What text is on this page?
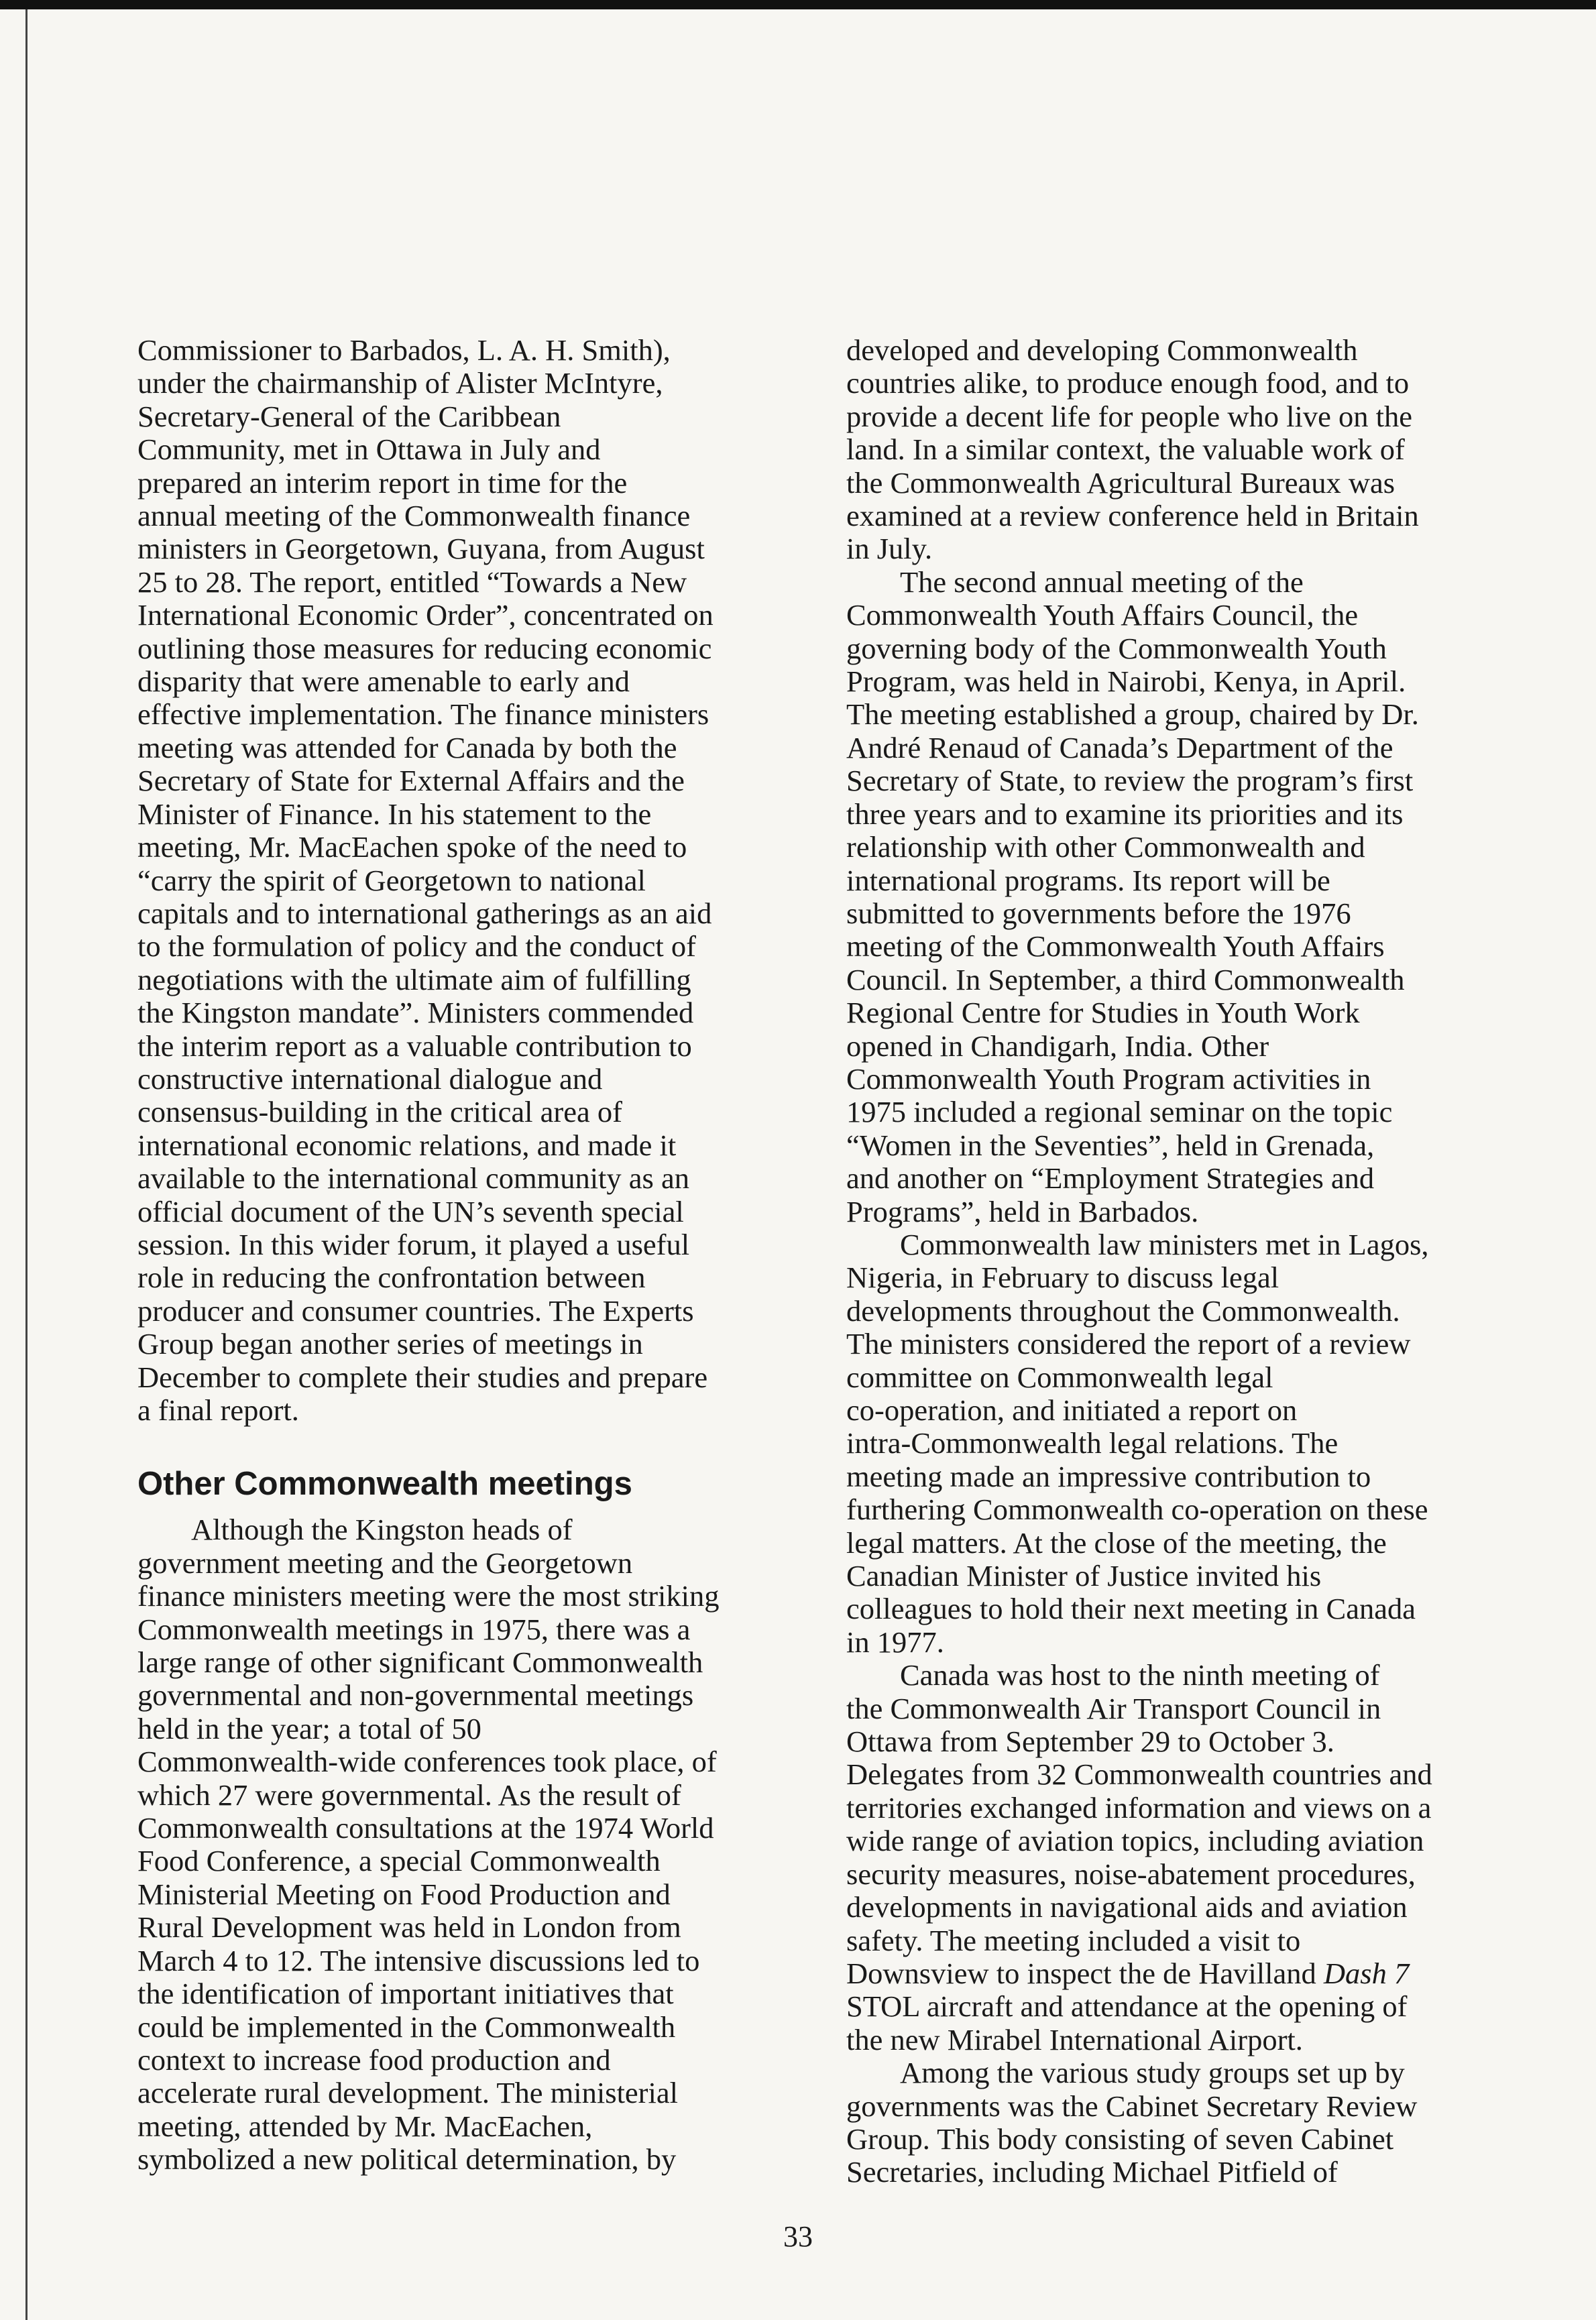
Commissioner to Barbados, L. A. H. Smith),

under the chairmanship of Alister McIntyre,

Secretary-General of the Caribbean

Community, met in Ottawa in July and

prepared an interim report in time for the

annual meeting of the Commonwealth finance

ministers in Georgetown, Guyana, from August

25 to 28. The report, entitled “Towards a New

International Economic Order”, concentrated on

outlining those measures for reducing economic

disparity that were amenable to early and

effective implementation. The finance ministers

meeting was attended for Canada by both the

Secretary of State for External Affairs and the

Minister of Finance. In his statement to the

meeting, Mr. MacEachen spoke of the need to

“carry the spirit of Georgetown to national

capitals and to international gatherings as an aid

to the formulation of policy and the conduct of

negotiations with the ultimate aim of fulfilling

the Kingston mandate”. Ministers commended

the interim report as a valuable contribution to

constructive international dialogue and

consensus-building in the critical area of

international economic relations, and made it

available to the international community as an

official document of the UN’s seventh special

session. In this wider forum, it played a useful

role in reducing the confrontation between

producer and consumer countries. The Experts

Group began another series of meetings in

December to complete their studies and prepare

a final report.

Other Commonwealth meetings

Although the Kingston heads of

government meeting and the Georgetown

finance ministers meeting were the most striking

Commonwealth meetings in 1975, there was a

large range of other significant Commonwealth

governmental and non-governmental meetings

held in the year; a total of 50

Commonwealth-wide conferences took place, of

which 27 were governmental. As the result of

Commonwealth consultations at the 1974 World

Food Conference, a special Commonwealth

Ministerial Meeting on Food Production and

Rural Development was held in London from

March 4 to 12. The intensive discussions led to

the identification of important initiatives that

could be implemented in the Commonwealth

context to increase food production and

accelerate rural development. The ministerial

meeting, attended by Mr. MacEachen,

symbolized a new political determination, by

developed and developing Commonwealth

countries alike, to produce enough food, and to

provide a decent life for people who live on the

land. In a similar context, the valuable work of

the Commonwealth Agricultural Bureaux was

examined at a review conference held in Britain

in July.

The second annual meeting of the

Commonwealth Youth Affairs Council, the

governing body of the Commonwealth Youth

Program, was held in Nairobi, Kenya, in April.

The meeting established a group, chaired by Dr.

André Renaud of Canada’s Department of the

Secretary of State, to review the program’s first

three years and to examine its priorities and its

relationship with other Commonwealth and

international programs. Its report will be

submitted to governments before the 1976

meeting of the Commonwealth Youth Affairs

Council. In September, a third Commonwealth

Regional Centre for Studies in Youth Work

opened in Chandigarh, India. Other

Commonwealth Youth Program activities in

1975 included a regional seminar on the topic

“Women in the Seventies”, held in Grenada,

and another on “Employment Strategies and

Programs”, held in Barbados.

Commonwealth law ministers met in Lagos,

Nigeria, in February to discuss legal

developments throughout the Commonwealth.

The ministers considered the report of a review

committee on Commonwealth legal

co-operation, and initiated a report on

intra-Commonwealth legal relations. The

meeting made an impressive contribution to

furthering Commonwealth co-operation on these

legal matters. At the close of the meeting, the

Canadian Minister of Justice invited his

colleagues to hold their next meeting in Canada

in 1977.

Canada was host to the ninth meeting of

the Commonwealth Air Transport Council in

Ottawa from September 29 to October 3.

Delegates from 32 Commonwealth countries and

territories exchanged information and views on a

wide range of aviation topics, including aviation

security measures, noise-abatement procedures,

developments in navigational aids and aviation

safety. The meeting included a visit to

Downsview to inspect the de Havilland Dash 7

STOL aircraft and attendance at the opening of

the new Mirabel International Airport.

Among the various study groups set up by

governments was the Cabinet Secretary Review

Group. This body consisting of seven Cabinet

Secretaries, including Michael Pitfield of

33
